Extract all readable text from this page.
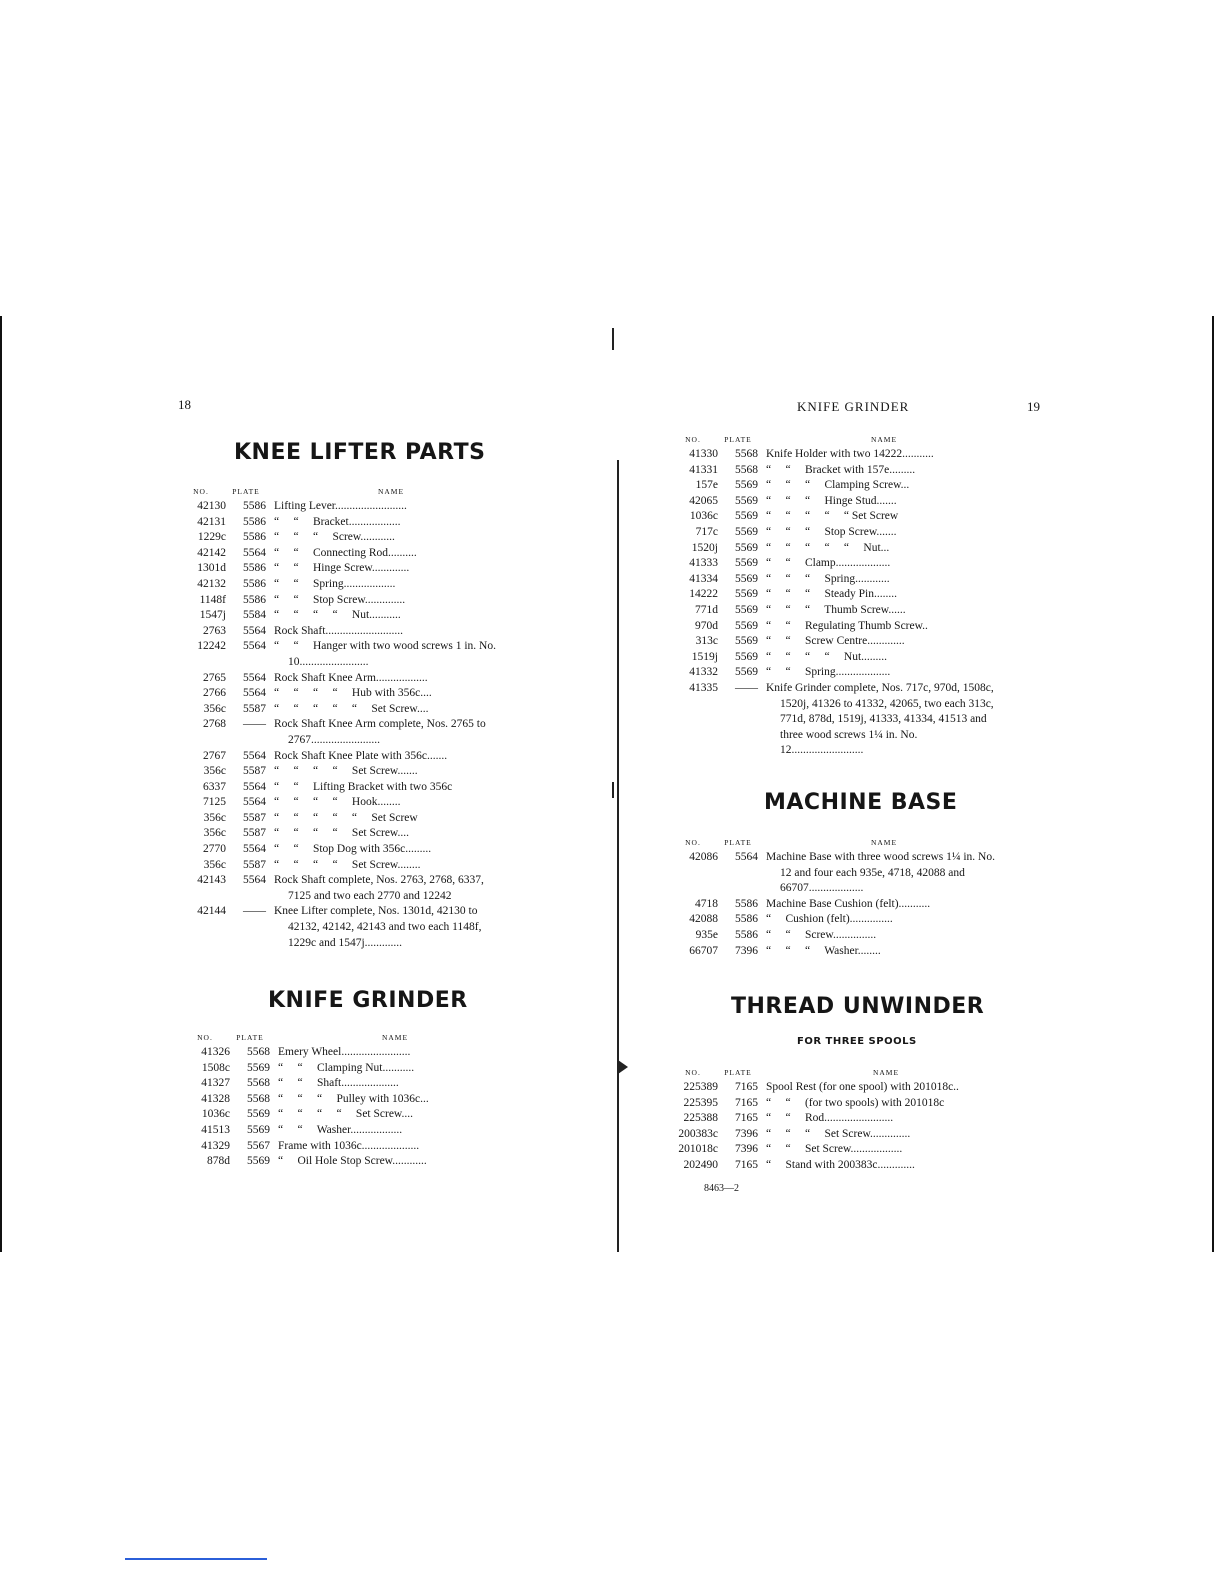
18
KNEE LIFTER PARTS
NO.	PLATE	NAME
42130	5586 Lifting Lever.........................
42131	5586 “     “     Bracket..................
1229c	5586 “     “     “     Screw............
42142	5564 “     “     Connecting Rod..........
1301d	5586 “     “     Hinge Screw.............
42132	5586 “     “     Spring..................
1148f	5586 “     “     Stop Screw..............
1547j	5584 “     “     “     “     Nut...........
2763	5564 Rock Shaft...........................
12242	5564 “     “     Hanger with two wood screws 1 in. No. 10........................
2765	5564 Rock Shaft Knee Arm..................
2766	5564 “     “     “     “     Hub with 356c....
356c	5587 “     “     “     “     “     Set Screw....
2768	—— Rock Shaft Knee Arm complete, Nos. 2765 to 2767........................
2767	5564 Rock Shaft Knee Plate with 356c.......
356c	5587 “     “     “     “     Set Screw.......
6337	5564 “     “     Lifting Bracket with two 356c
7125	5564 “     “     “     “     Hook........
356c	5587 “     “     “     “     “     Set Screw
356c	5587 “     “     “     “     Set Screw....
2770	5564 “     “     Stop Dog with 356c.........
356c	5587 “     “     “     “     Set Screw........
42143	5564 Rock Shaft complete, Nos. 2763, 2768, 6337, 7125 and two each 2770 and 12242
42144	—— Knee Lifter complete, Nos. 1301d, 42130 to 42132, 42142, 42143 and two each 1148f, 1229c and 1547j.............
KNIFE GRINDER
NO.	PLATE	NAME
41326	5568 Emery Wheel........................
1508c	5569 “     “     Clamping Nut...........
41327	5568 “     “     Shaft....................
41328	5568 “     “     “     Pulley with 1036c...
1036c	5569 “     “     “     “     Set Screw....
41513	5569 “     “     Washer..................
41329	5567 Frame with 1036c....................
878d	5569 “     Oil Hole Stop Screw............
KNIFE GRINDER	19
NO.	PLATE	NAME
41330	5568 Knife Holder with two 14222...........
41331	5568 “     “     Bracket with 157e.........
157e	5569 “     “     “     Clamping Screw...
42065	5569 “     “     “     Hinge Stud.......
1036c	5569 “     “     “     “     “ Set Screw
717c	5569 “     “     “     Stop Screw.......
1520j	5569 “     “     “     “     “     Nut...
41333	5569 “     “     Clamp...................
41334	5569 “     “     “     Spring............
14222	5569 “     “     “     Steady Pin........
771d	5569 “     “     “     Thumb Screw......
970d	5569 “     “     Regulating Thumb Screw..
313c	5569 “     “     Screw Centre.............
1519j	5569 “     “     “     “     Nut.........
41332	5569 “     “     Spring...................
41335	—— Knife Grinder complete, Nos. 717c, 970d, 1508c, 1520j, 41326 to 41332, 42065, two each 313c, 771d, 878d, 1519j, 41333, 41334, 41513 and three wood screws 1¼ in. No. 12.........................
MACHINE BASE
NO.	PLATE	NAME
42086	5564 Machine Base with three wood screws 1¼ in. No. 12 and four each 935e, 4718, 42088 and 66707...................
4718	5586 Machine Base Cushion (felt)...........
42088	5586 “     Cushion (felt)...............
935e	5586 “     “     Screw...............
66707	7396 “     “     “     Washer........
THREAD UNWINDER
FOR THREE SPOOLS
NO.	PLATE	NAME
225389	7165 Spool Rest (for one spool) with 201018c..
225395	7165 “     “     (for two spools) with 201018c
225388	7165 “     “     Rod........................
200383c	7396 “     “     “     Set Screw..............
201018c	7396 “     “     Set Screw..................
202490	7165 “     Stand with 200383c.............
8463—2
